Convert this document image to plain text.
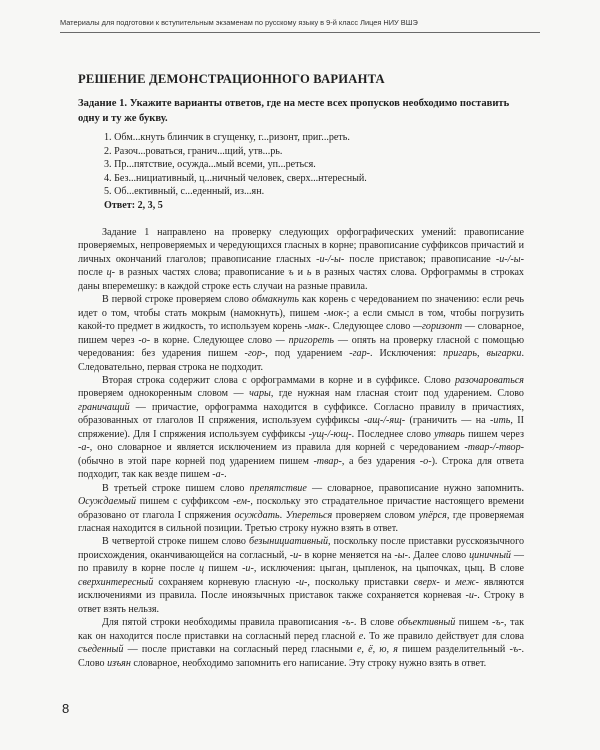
Материалы для подготовки к вступительным экзаменам по русскому языку в 9-й класс Лицея НИУ ВШЭ
РЕШЕНИЕ ДЕМОНСТРАЦИОННОГО ВАРИАНТА
Задание 1. Укажите варианты ответов, где на месте всех пропусков необходимо поставить одну и ту же букву.
1. Обм...кнуть блинчик в сгущенку, г...ризонт, приг...реть.
2. Разоч...роваться, гранич...щий, утв...рь.
3. Пр...пятствие, осужда...мый всеми, уп...реться.
4. Без...нициативный, ц...ничный человек, сверх...нтересный.
5. Об...ективный, с...еденный, из...ян.
Ответ: 2, 3, 5

Задание 1 направлено на проверку следующих орфографических умений: правописание проверяемых, непроверяемых и чередующихся гласных в корне; правописание суффиксов причастий и личных окончаний глаголов; правописание гласных -и-/-ы- после приставок; правописание -и-/-ы- после ц- в разных частях слова; правописание ъ и ь в разных частях слова. Орфограммы в строках даны вперемешку: в каждой строке есть случаи на разные правила.

В первой строке проверяем слово обмакнуть как корень с чередованием по значению: если речь идет о том, чтобы стать мокрым (намокнуть), пишем -мок-; а если смысл в том, чтобы погрузить какой-то предмет в жидкость, то используем корень -мак-. Следующее слово —горизонт — словарное, пишем через -о- в корне. Следующее слово — пригореть — опять на проверку гласной с помощью чередования: без ударения пишем -гор-, под ударением -гар-. Исключения: пригарь, выгарки. Следовательно, первая строка не подходит.

Вторая строка содержит слова с орфограммами в корне и в суффиксе. Слово разочароваться проверяем однокоренным словом — чары, где нужная нам гласная стоит под ударением. Слово граничащий — причастие, орфограмма находится в суффиксе. Согласно правилу в причастиях, образованных от глаголов II спряжения, используем суффиксы -ащ-/-ящ- (граничить — на -ить, II спряжение). Для I спряжения используем суффиксы -ущ-/-ющ-. Последнее слово утварь пишем через -а-, оно словарное и является исключением из правила для корней с чередованием -твар-/-твор- (обычно в этой паре корней под ударением пишем -твар-, а без ударения -о-). Строка для ответа подходит, так как везде пишем -а-.

В третьей строке пишем слово препятствие — словарное, правописание нужно запомнить. Осуждаемый пишем с суффиксом -ем-, поскольку это страдательное причастие настоящего времени образовано от глагола I спряжения осуждать. Упереться проверяем словом упёрся, где проверяемая гласная находится в сильной позиции. Третью строку нужно взять в ответ.

В четвертой строке пишем слово безынициативный, поскольку после приставки русскоязычного происхождения, оканчивающейся на согласный, -и- в корне меняется на -ы-. Далее слово циничный — по правилу в корне после ц пишем -и-, исключения: цыган, цыпленок, на цыпочках, цыц. В слове сверхинтересный сохраняем корневую гласную -и-, поскольку приставки сверх- и меж- являются исключениями из правила. После иноязычных приставок также сохраняется корневая -и-. Строку в ответ взять нельзя.

Для пятой строки необходимы правила правописания -ъ-. В слове объективный пишем -ъ-, так как он находится после приставки на согласный перед гласной е. То же правило действует для слова съеденный — после приставки на согласный перед гласными е, ё, ю, я пишем разделительный -ъ-. Слово изъян словарное, необходимо запомнить его написание. Эту строку нужно взять в ответ.

8
